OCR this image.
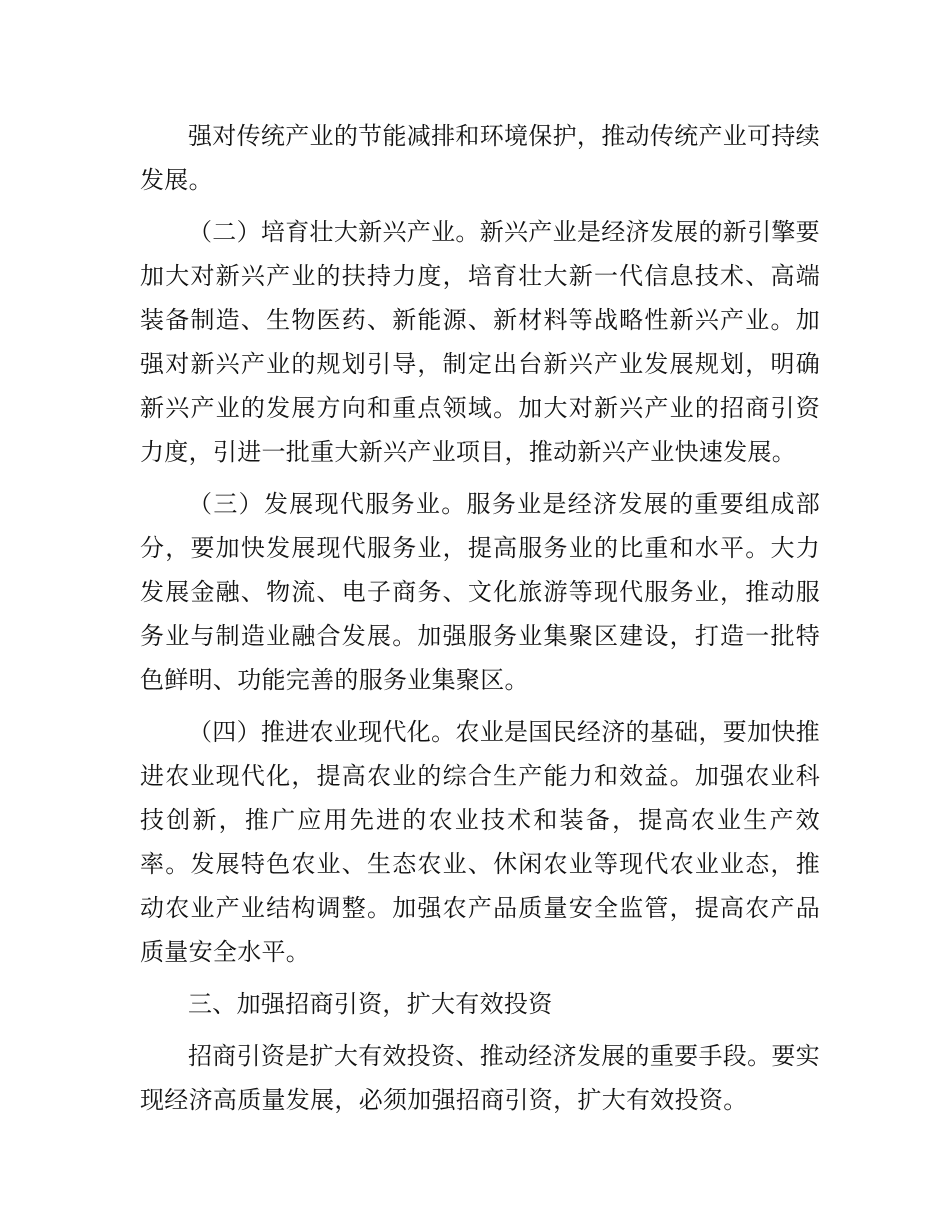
强对传统产业的节能减排和环境保护，推动传统产业可持续发展。

（二）培育壮大新兴产业。新兴产业是经济发展的新引擎要加大对新兴产业的扶持力度，培育壮大新一代信息技术、高端装备制造、生物医药、新能源、新材料等战略性新兴产业。加强对新兴产业的规划引导，制定出台新兴产业发展规划，明确新兴产业的发展方向和重点领域。加大对新兴产业的招商引资力度，引进一批重大新兴产业项目，推动新兴产业快速发展。

（三）发展现代服务业。服务业是经济发展的重要组成部分，要加快发展现代服务业，提高服务业的比重和水平。大力发展金融、物流、电子商务、文化旅游等现代服务业，推动服务业与制造业融合发展。加强服务业集聚区建设，打造一批特色鲜明、功能完善的服务业集聚区。

（四）推进农业现代化。农业是国民经济的基础，要加快推进农业现代化，提高农业的综合生产能力和效益。加强农业科技创新，推广应用先进的农业技术和装备，提高农业生产效率。发展特色农业、生态农业、休闲农业等现代农业业态，推动农业产业结构调整。加强农产品质量安全监管，提高农产品质量安全水平。

三、加强招商引资，扩大有效投资

招商引资是扩大有效投资、推动经济发展的重要手段。要实现经济高质量发展，必须加强招商引资，扩大有效投资。
